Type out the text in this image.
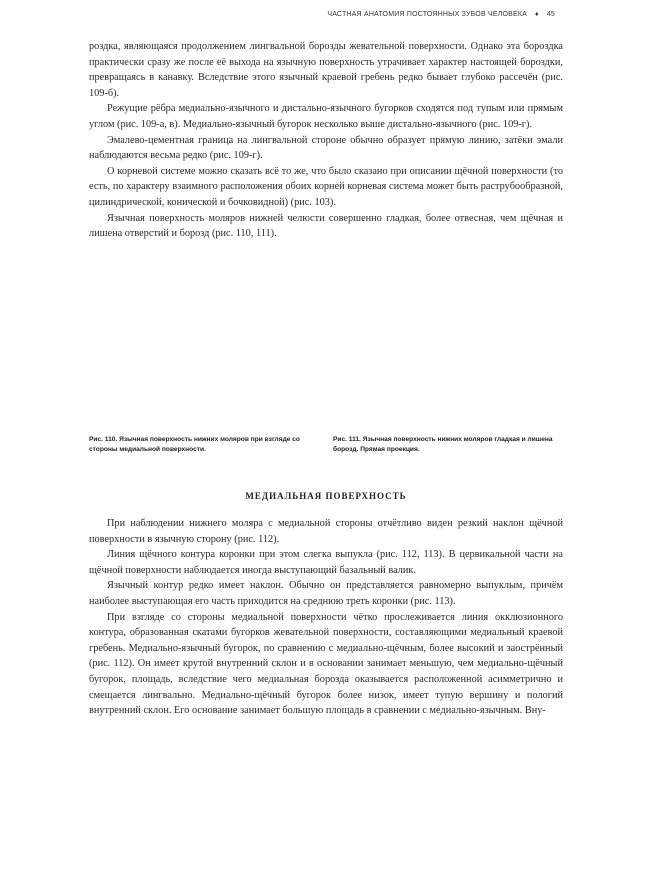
ЧАСТНАЯ АНАТОМИЯ ПОСТОЯННЫХ ЗУБОВ ЧЕЛОВЕКА ♦ 45

роздка, являющаяся продолжением лингвальной борозды жевательной поверхности. Однако эта бороздка практически сразу же после её выхода на язычную поверхность утрачивает характер настоящей бороздки, превращаясь в канавку. Вследствие этого язычный краевой гребень редко бывает глубоко рассечён (рис. 109-б).

Режущие рёбра медиально-язычного и дистально-язычного бугорков сходятся под тупым или прямым углом (рис. 109-а, в). Медиально-язычный бугорок несколько выше дистально-язычного (рис. 109-г).

Эмалево-цементная граница на лингвальной стороне обычно образует прямую линию, затёки эмали наблюдаются весьма редко (рис. 109-г).

О корневой системе можно сказать всё то же, что было сказано при описании щёчной поверхности (то есть, по характеру взаимного расположения обоих корней корневая система может быть раструбообразной, цилиндрической, конической и бочковидной) (рис. 103).

Язычная поверхность моляров нижней челюсти совершенно гладкая, более отвесная, чем щёчная и лишена отверстий и борозд (рис. 110, 111).

Рис. 110. Язычная поверхность нижних моляров при взгляде со стороны медиальной поверхности.
Рис. 111. Язычная поверхность нижних моляров гладкая и лишена борозд. Прямая проекция.
МЕДИАЛЬНАЯ ПОВЕРХНОСТЬ

При наблюдении нижнего моляра с медиальной стороны отчётливо виден резкий наклон щёчной поверхности в язычную сторону (рис. 112).

Линия щёчного контура коронки при этом слегка выпукла (рис. 112, 113). В цервикальной части на щёчной поверхности наблюдается иногда выступающий базальный валик.

Язычный контур редко имеет наклон. Обычно он представляется равномерно выпуклым, причём наиболее выступающая его часть приходится на среднюю треть коронки (рис. 113).

При взгляде со стороны медиальной поверхности чётко прослеживается линия окклюзионного контура, образованная скатами бугорков жевательной поверхности, составляющими медиальный краевой гребень. Медиально-язычный бугорок, по сравнению с медиально-щёчным, более высокий и заострённый (рис. 112). Он имеет крутой внутренний склон и в основании занимает меньшую, чем медиально-щёчный бугорок, площадь, вследствие чего медиальная борозда оказывается расположенной асимметрично и смещается лингвально. Медиально-щёчный бугорок более низок, имеет тупую вершину и пологий внутренний склон. Его основание занимает большую площадь в сравнении с медиально-язычным. Вну-
